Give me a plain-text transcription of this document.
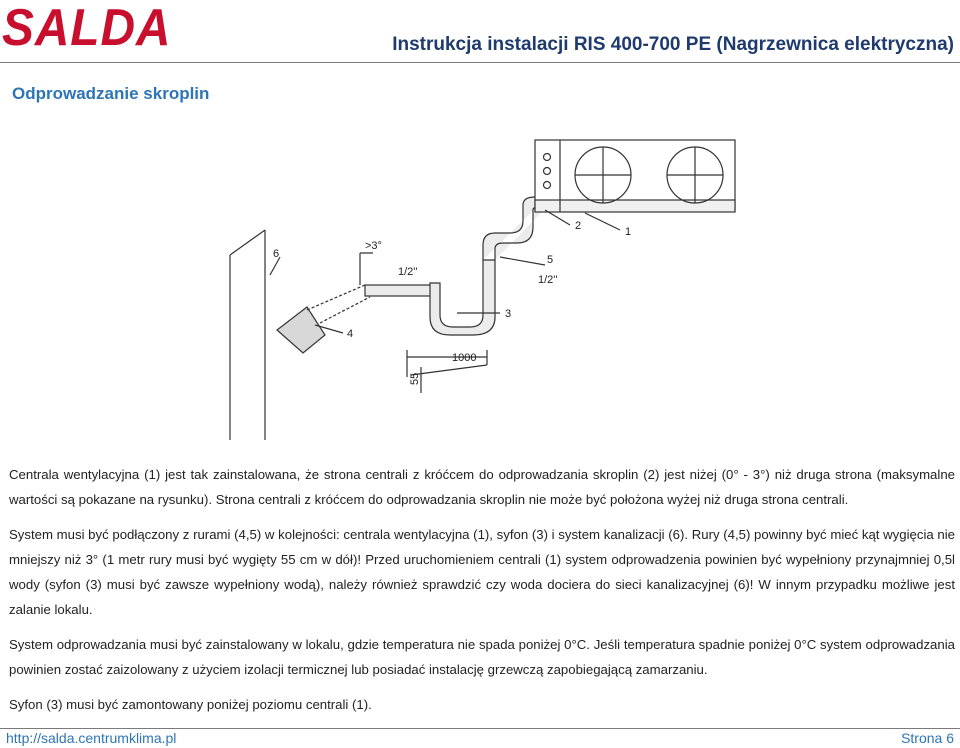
SALDA	Instrukcja instalacji RIS 400-700 PE (Nagrzewnica elektryczna)
Odprowadzanie skroplin
>3°
6
4
1/2''
3
5
1/2''
2	1
1000
55

Centrala wentylacyjna (1) jest tak zainstalowana, że strona centrali z króćcem do odprowadzania skroplin (2) jest niżej (0° - 3°) niż druga strona (maksymalne wartości są pokazane na rysunku). Strona centrali z króćcem do odprowadzania skroplin nie może być położona wyżej niż druga strona centrali.

System musi być podłączony z rurami (4,5) w kolejności: centrala wentylacyjna (1), syfon (3) i system kanalizacji (6). Rury (4,5) powinny być mieć kąt wygięcia nie mniejszy niż 3° (1 metr rury musi być wygięty 55 cm w dół)! Przed uruchomieniem centrali (1) system odprowadzenia powinien być wypełniony przynajmniej 0,5l wody (syfon (3) musi być zawsze wypełniony wodą), należy również sprawdzić czy woda dociera do sieci kanalizacyjnej (6)! W innym przypadku możliwe jest zalanie lokalu.

System odprowadzania musi być zainstalowany w lokalu, gdzie temperatura nie spada poniżej 0°C. Jeśli temperatura spadnie poniżej 0°C system odprowadzania powinien zostać zaizolowany z użyciem izolacji termicznej lub posiadać instalację grzewczą zapobiegającą zamarzaniu.

Syfon (3) musi być zamontowany poniżej poziomu centrali (1).

http://salda.centrumklima.pl	Strona 6
